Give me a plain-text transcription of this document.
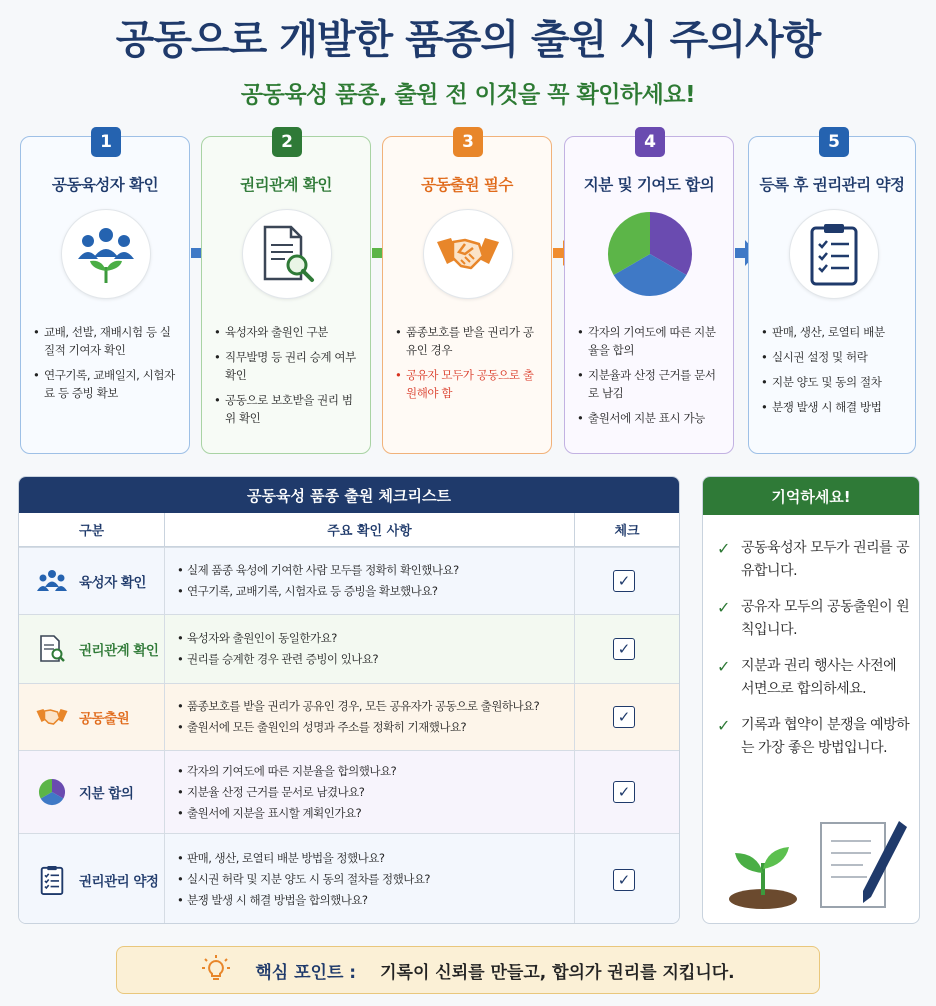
공동으로 개발한 품종의 출원 시 주의사항
공동육성 품종, 출원 전 이것을 꼭 확인하세요!
1
공동육성자 확인
• 교배, 선발, 재배시험 등 실질적 기여자 확인
• 연구기록, 교배일지, 시험자료 등 증빙 확보
2
권리관계 확인
• 육성자와 출원인 구분
• 직무발명 등 권리 승계 여부 확인
• 공동으로 보호받을 권리 범위 확인
3
공동출원 필수
• 품종보호를 받을 권리가 공유인 경우
• 공유자 모두가 공동으로 출원해야 함
4
지분 및 기여도 합의
• 각자의 기여도에 따른 지분율을 합의
• 지분율과 산정 근거를 문서로 남김
• 출원서에 지분 표시 가능
5
등록 후 권리관리 약정
• 판매, 생산, 로열티 배분
• 실시권 설정 및 허락
• 지분 양도 및 동의 절차
• 분쟁 발생 시 해결 방법
공동육성 품종 출원 체크리스트
구분	주요 확인 사항	체크
육성자 확인
• 실제 품종 육성에 기여한 사람 모두를 정확히 확인했나요?
• 연구기록, 교배기록, 시험자료 등 증빙을 확보했나요?
✓
권리관계 확인
• 육성자와 출원인이 동일한가요?
• 권리를 승계한 경우 관련 증빙이 있나요?
✓
공동출원
• 품종보호를 받을 권리가 공유인 경우, 모든 공유자가 공동으로 출원하나요?
• 출원서에 모든 출원인의 성명과 주소를 정확히 기재했나요?
✓
지분 합의
• 각자의 기여도에 따른 지분율을 합의했나요?
• 지분율 산정 근거를 문서로 남겼나요?
• 출원서에 지분을 표시할 계획인가요?
✓
권리관리 약정
• 판매, 생산, 로열티 배분 방법을 정했나요?
• 실시권 허락 및 지분 양도 시 동의 절차를 정했나요?
• 분쟁 발생 시 해결 방법을 합의했나요?
✓
기억하세요!
✓ 공동육성자 모두가 권리를 공유합니다.
✓ 공유자 모두의 공동출원이 원칙입니다.
✓ 지분과 권리 행사는 사전에 서면으로 합의하세요.
✓ 기록과 협약이 분쟁을 예방하는 가장 좋은 방법입니다.
핵심 포인트 : 기록이 신뢰를 만들고, 합의가 권리를 지킵니다.
